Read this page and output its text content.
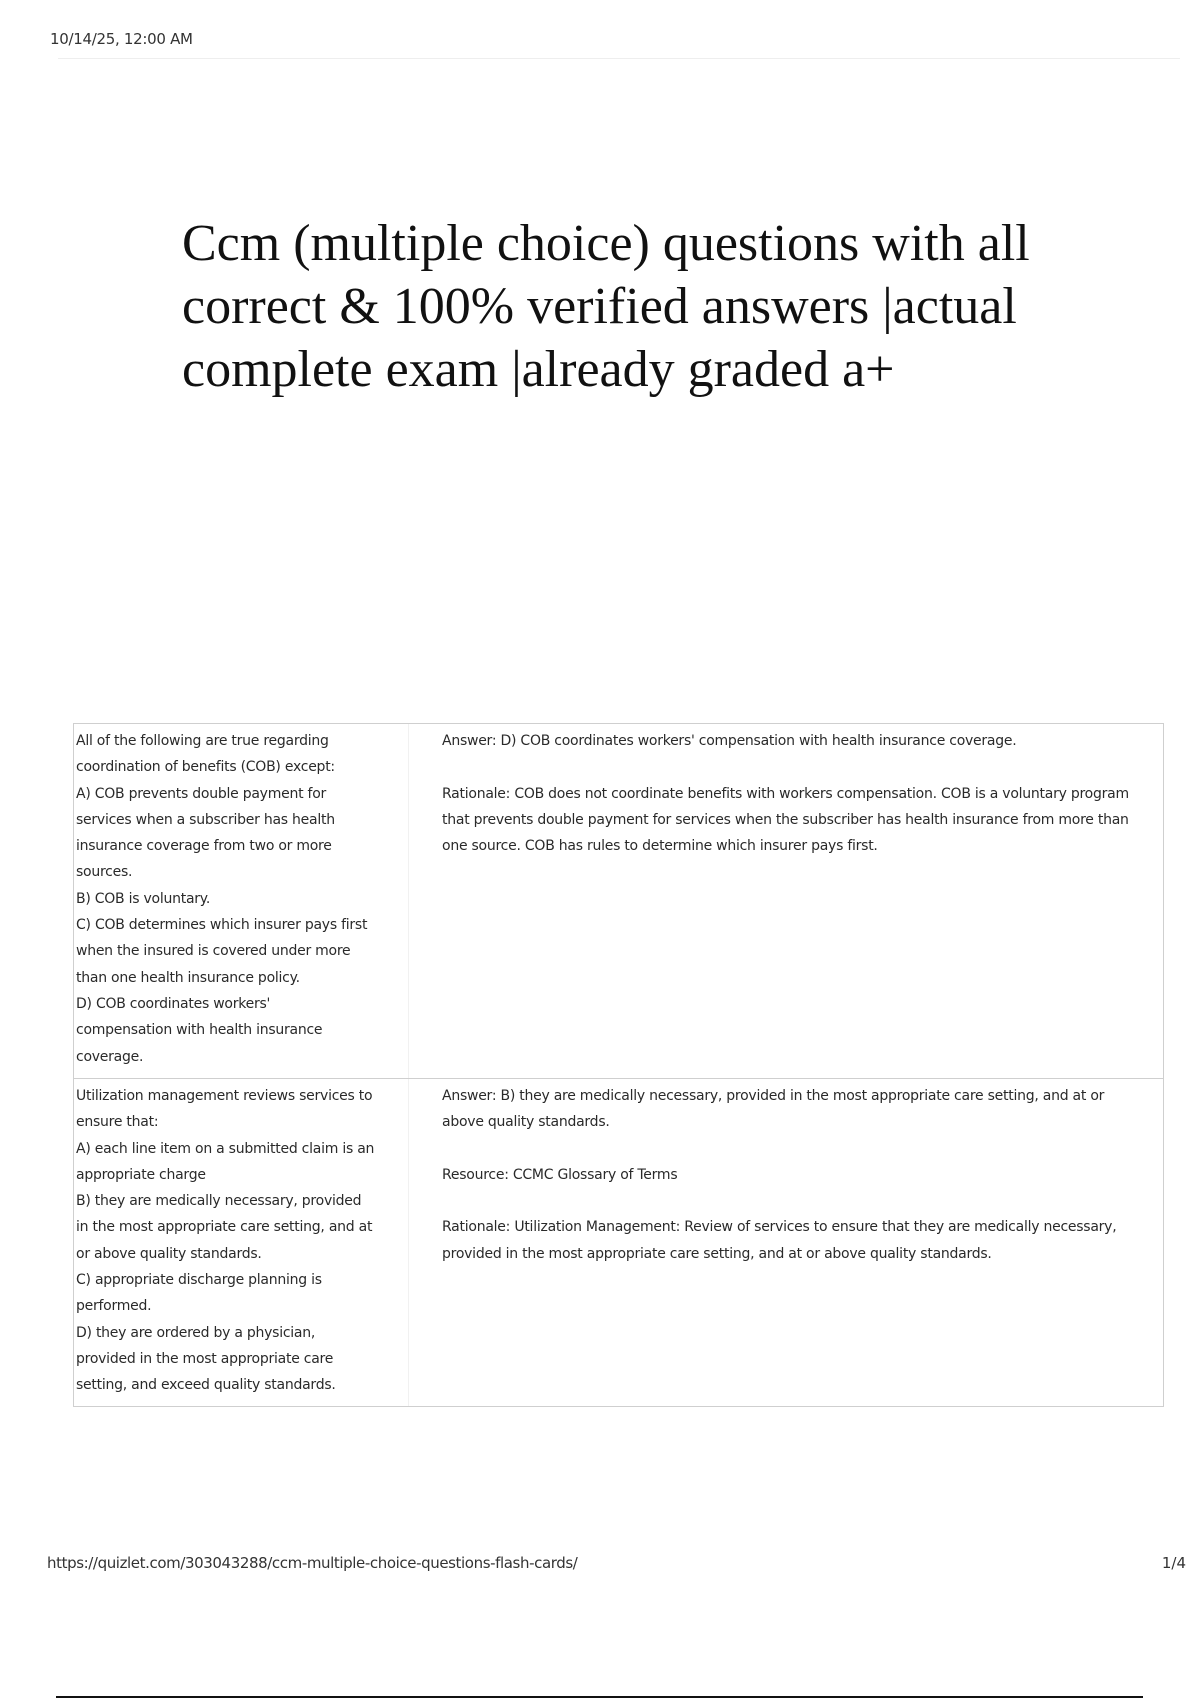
10/14/25, 12:00 AM
Ccm (multiple choice) questions with all correct & 100% verified answers |actual complete exam |already graded a+
All of the following are true regarding
coordination of benefits (COB) except:
A) COB prevents double payment for
services when a subscriber has health
insurance coverage from two or more
sources.
B) COB is voluntary.
C) COB determines which insurer pays first
when the insured is covered under more
than one health insurance policy.
D) COB coordinates workers'
compensation with health insurance
coverage.

Answer: D) COB coordinates workers' compensation with health insurance coverage.

Rationale: COB does not coordinate benefits with workers compensation. COB is a voluntary program that prevents double payment for services when the subscriber has health insurance from more than one source. COB has rules to determine which insurer pays first.

Utilization management reviews services to
ensure that:
A) each line item on a submitted claim is an
appropriate charge
B) they are medically necessary, provided
in the most appropriate care setting, and at
or above quality standards.
C) appropriate discharge planning is
performed.
D) they are ordered by a physician,
provided in the most appropriate care
setting, and exceed quality standards.

Answer: B) they are medically necessary, provided in the most appropriate care setting, and at or above quality standards.

Resource: CCMC Glossary of Terms

Rationale: Utilization Management: Review of services to ensure that they are medically necessary, provided in the most appropriate care setting, and at or above quality standards.

https://quizlet.com/303043288/ccm-multiple-choice-questions-flash-cards/	1/4
